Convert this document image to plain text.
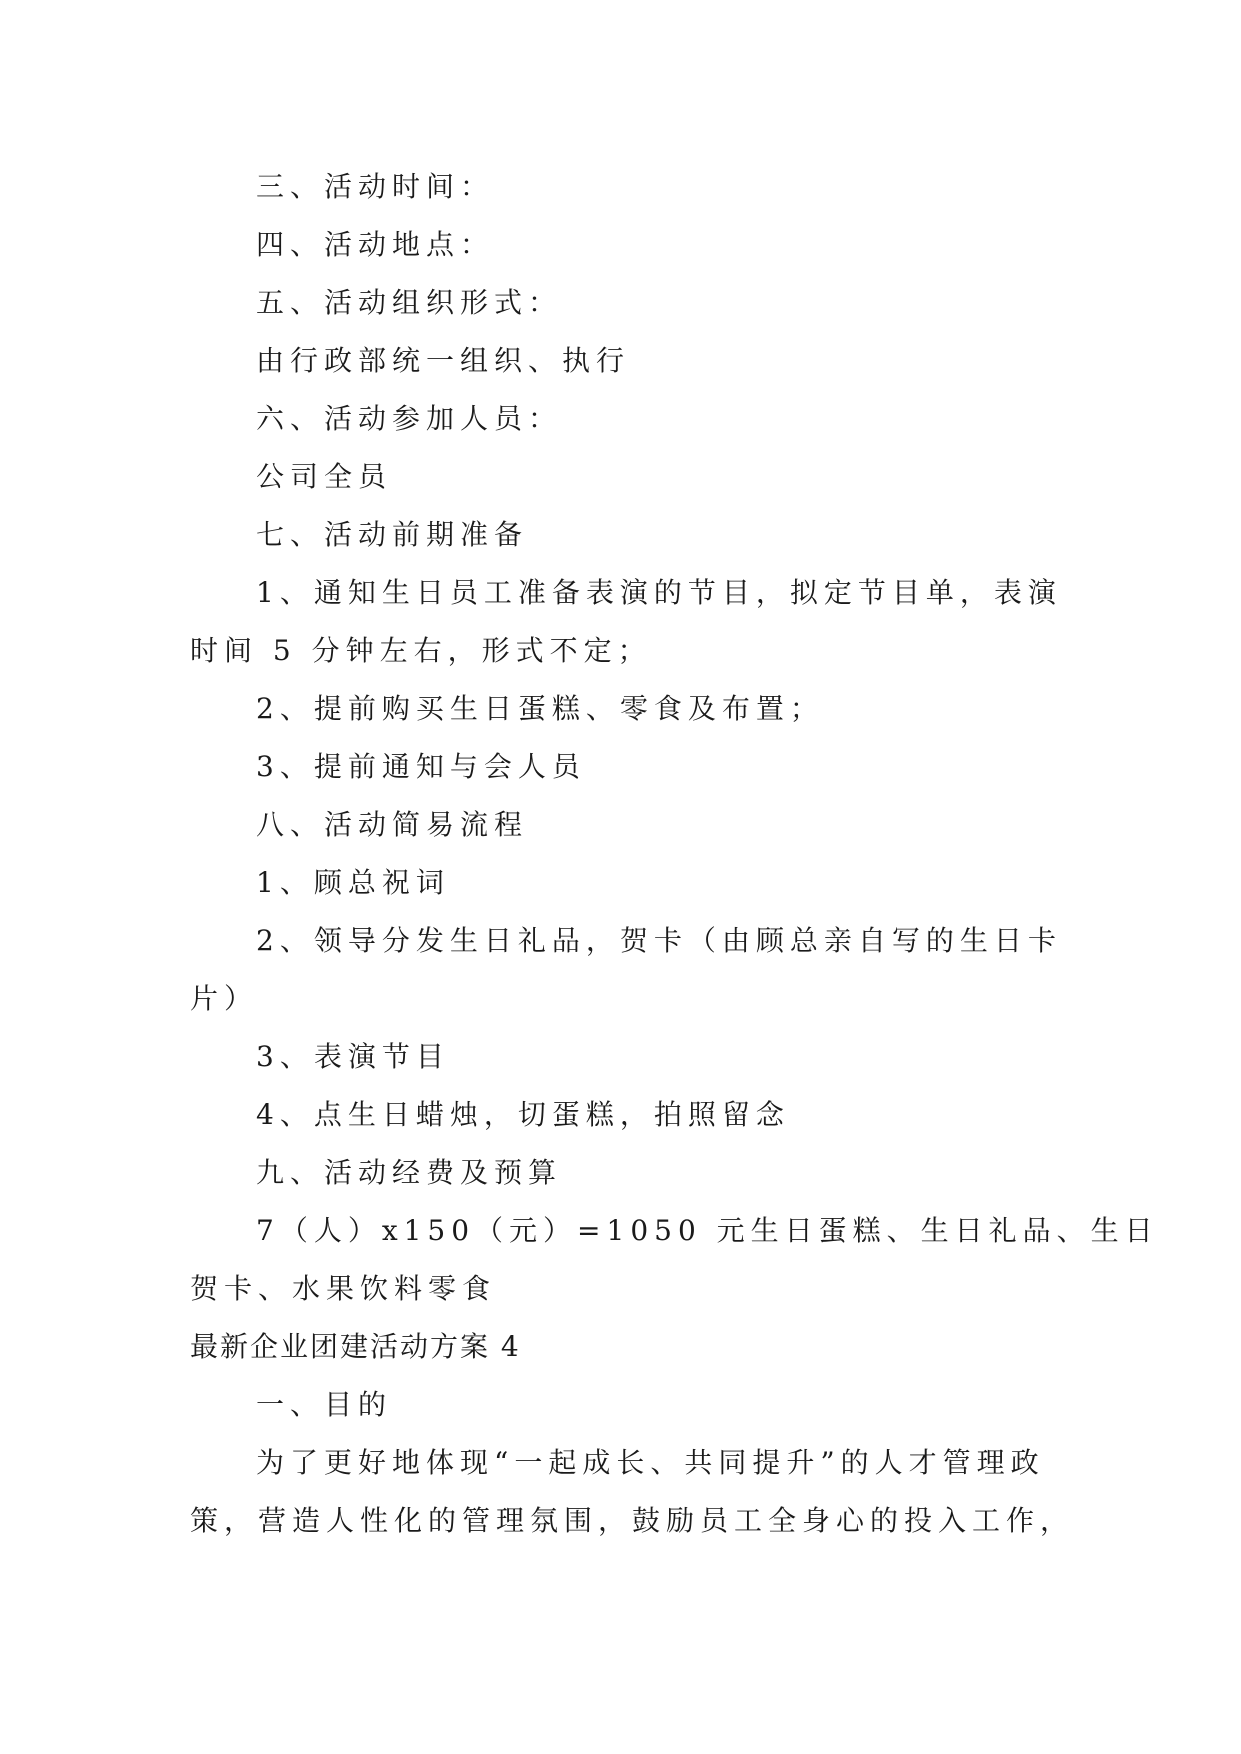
三、活动时间：

四、活动地点：

五、活动组织形式：

由行政部统一组织、执行

六、活动参加人员：

公司全员

七、活动前期准备

1、通知生日员工准备表演的节目，拟定节目单，表演

时间 5 分钟左右，形式不定；

2、提前购买生日蛋糕、零食及布置；

3、提前通知与会人员

八、活动简易流程

1、顾总祝词

2、领导分发生日礼品，贺卡（由顾总亲自写的生日卡

片）

3、表演节目

4、点生日蜡烛，切蛋糕，拍照留念

九、活动经费及预算

7（人）x150（元）=1050 元生日蛋糕、生日礼品、生日

贺卡、水果饮料零食

最新企业团建活动方案 4

一、目的

为了更好地体现“一起成长、共同提升”的人才管理政

策，营造人性化的管理氛围，鼓励员工全身心的投入工作，
